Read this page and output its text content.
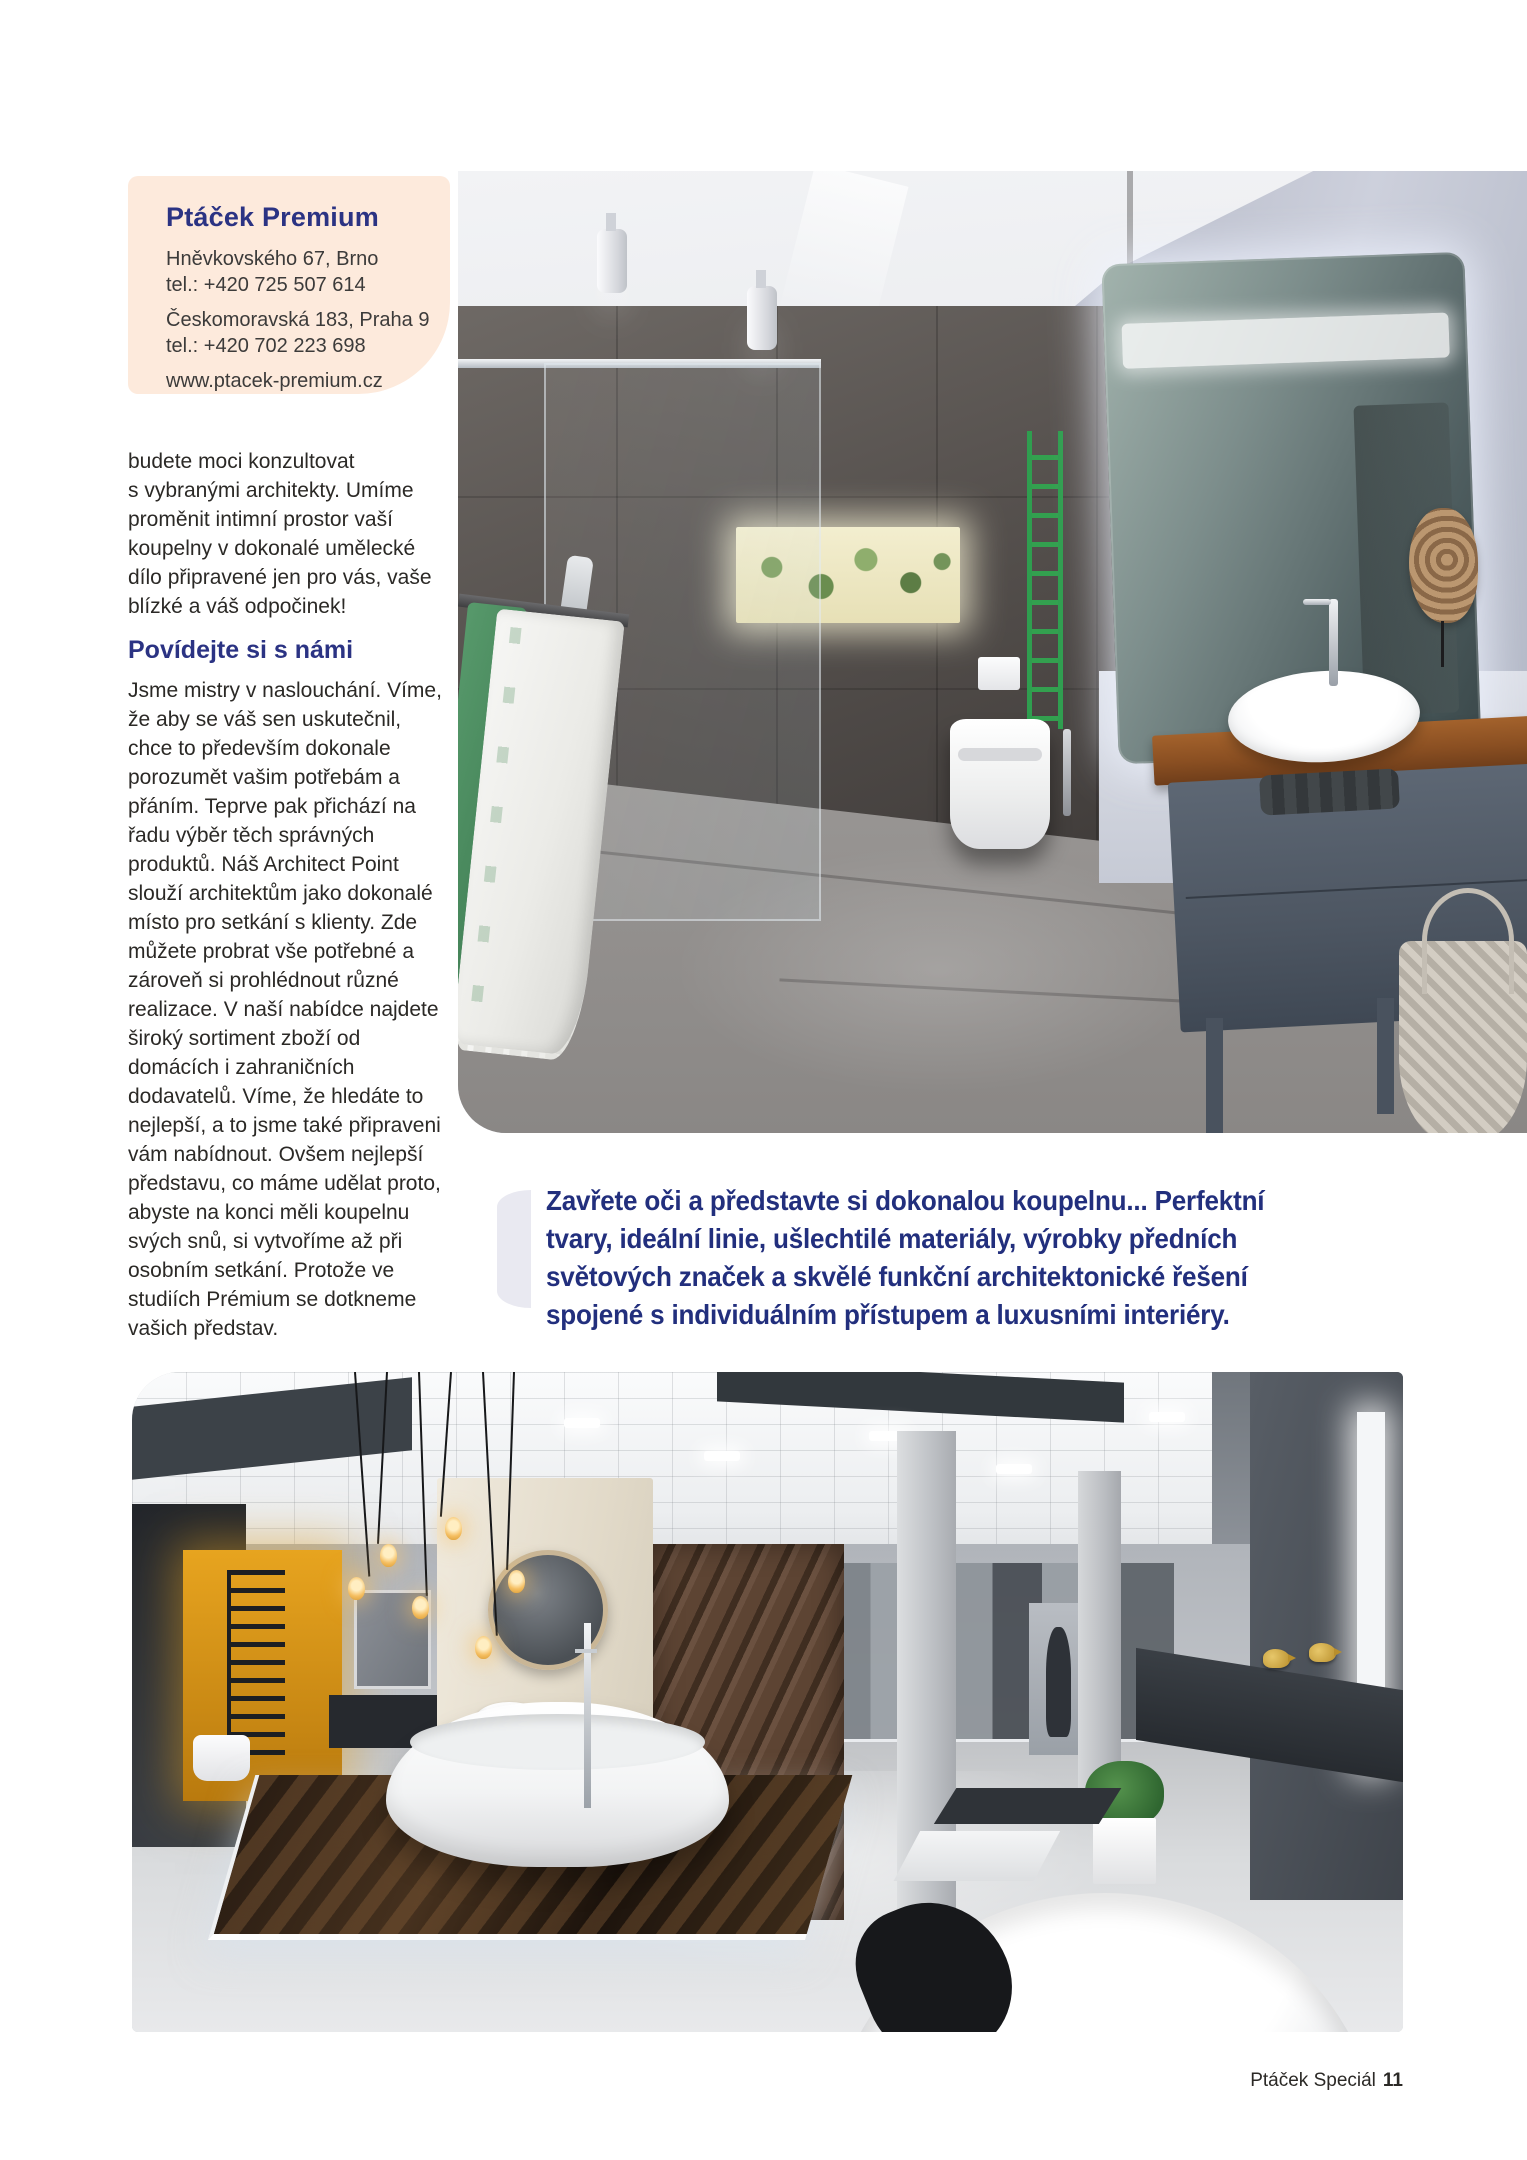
Ptáček Premium
Hněvkovského 67, Brno
tel.: +420 725 507 614
Českomoravská 183, Praha 9
tel.: +420 702 223 698
www.ptacek-premium.cz

budete moci konzultovat s vybranými architekty. Umíme proměnit intimní prostor vaší koupelny v dokonalé umělecké dílo připravené jen pro vás, vaše blízké a váš odpočinek!

Povídejte si s námi

Jsme mistry v naslouchání. Víme, že aby se váš sen uskutečnil, chce to především dokonale porozumět vašim potřebám a přáním. Teprve pak přichází na řadu výběr těch správných produktů. Náš Architect Point slouží architektům jako dokonalé místo pro setkání s klienty. Zde můžete probrat vše potřebné a zároveň si prohlédnout různé realizace. V naší nabídce najdete široký sortiment zboží od domácích i zahraničních dodavatelů. Víme, že hledáte to nejlepší, a to jsme také připraveni vám nabídnout. Ovšem nejlepší představu, co máme udělat proto, abyste na konci měli koupelnu svých snů, si vytvoříme až při osobním setkání. Protože ve studiích Prémium se dotkneme vašich představ.

Zavřete oči a představte si dokonalou koupelnu... Perfektní tvary, ideální linie, ušlechtilé materiály, výrobky předních světových značek a skvělé funkční architektonické řešení spojené s individuálním přístupem a luxusními interiéry.
Ptáček Speciál 11
